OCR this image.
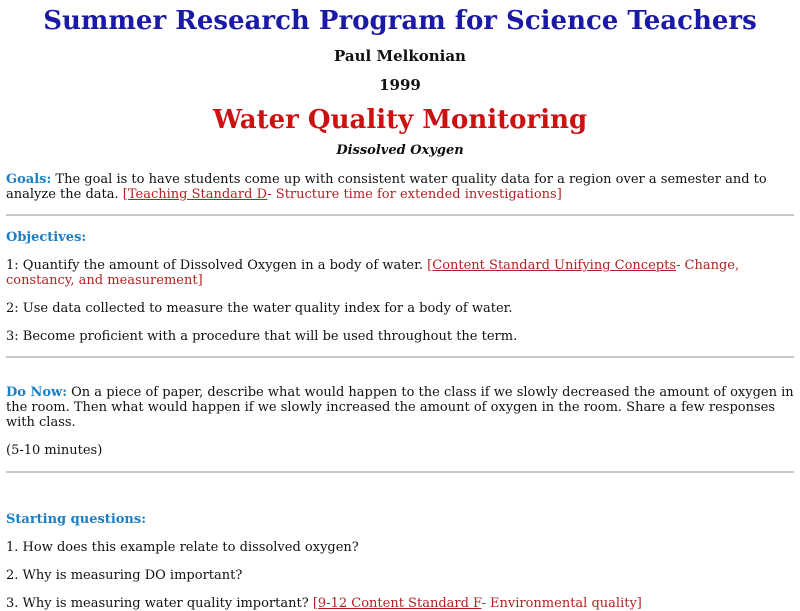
Summer Research Program for Science Teachers
Paul Melkonian
1999
Water Quality Monitoring
Dissolved Oxygen

Goals: The goal is to have students come up with consistent water quality data for a region over a semester and to analyze the data. [Teaching Standard D- Structure time for extended investigations]

Objectives:

1: Quantify the amount of Dissolved Oxygen in a body of water. [Content Standard Unifying Concepts- Change, constancy, and measurement]

2: Use data collected to measure the water quality index for a body of water.

3: Become proficient with a procedure that will be used throughout the term.

Do Now: On a piece of paper, describe what would happen to the class if we slowly decreased the amount of oxygen in the room. Then what would happen if we slowly increased the amount of oxygen in the room. Share a few responses with class.

(5-10 minutes)

Starting questions:

1. How does this example relate to dissolved oxygen?

2. Why is measuring DO important?

3. Why is measuring water quality important? [9-12 Content Standard F- Environmental quality]
